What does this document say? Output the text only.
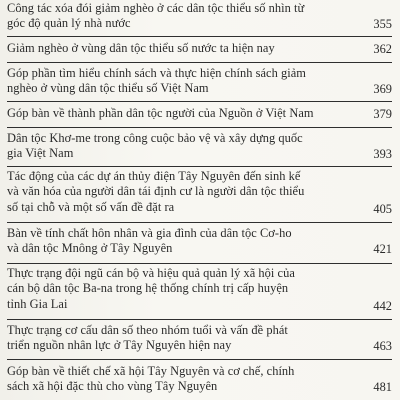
Công tác xóa đói giảm nghèo ở các dân tộc thiểu số nhìn từ
góc độ quản lý nhà nước	355
Giảm nghèo ở vùng dân tộc thiểu số nước ta hiện nay	362
Góp phần tìm hiểu chính sách và thực hiện chính sách giảm
nghèo ở vùng dân tộc thiểu số Việt Nam	369
Góp bàn về thành phần dân tộc người của Nguồn ở Việt Nam	379
Dân tộc Khơ-me trong công cuộc bảo vệ và xây dựng quốc
gia Việt Nam	393
Tác động của các dự án thủy điện Tây Nguyên đến sinh kế
và văn hóa của người dân tái định cư là người dân tộc thiểu
số tại chỗ và một số vấn đề đặt ra	405
Bàn về tính chất hôn nhân và gia đình của dân tộc Cơ-ho
và dân tộc Mnông ở Tây Nguyên	421
Thực trạng đội ngũ cán bộ và hiệu quả quản lý xã hội của
cán bộ dân tộc Ba-na trong hệ thống chính trị cấp huyện
tỉnh Gia Lai	442
Thực trạng cơ cấu dân số theo nhóm tuổi và vấn đề phát
triển nguồn nhân lực ở Tây Nguyên hiện nay	463
Góp bàn về thiết chế xã hội Tây Nguyên và cơ chế, chính
sách xã hội đặc thù cho vùng Tây Nguyên	481
